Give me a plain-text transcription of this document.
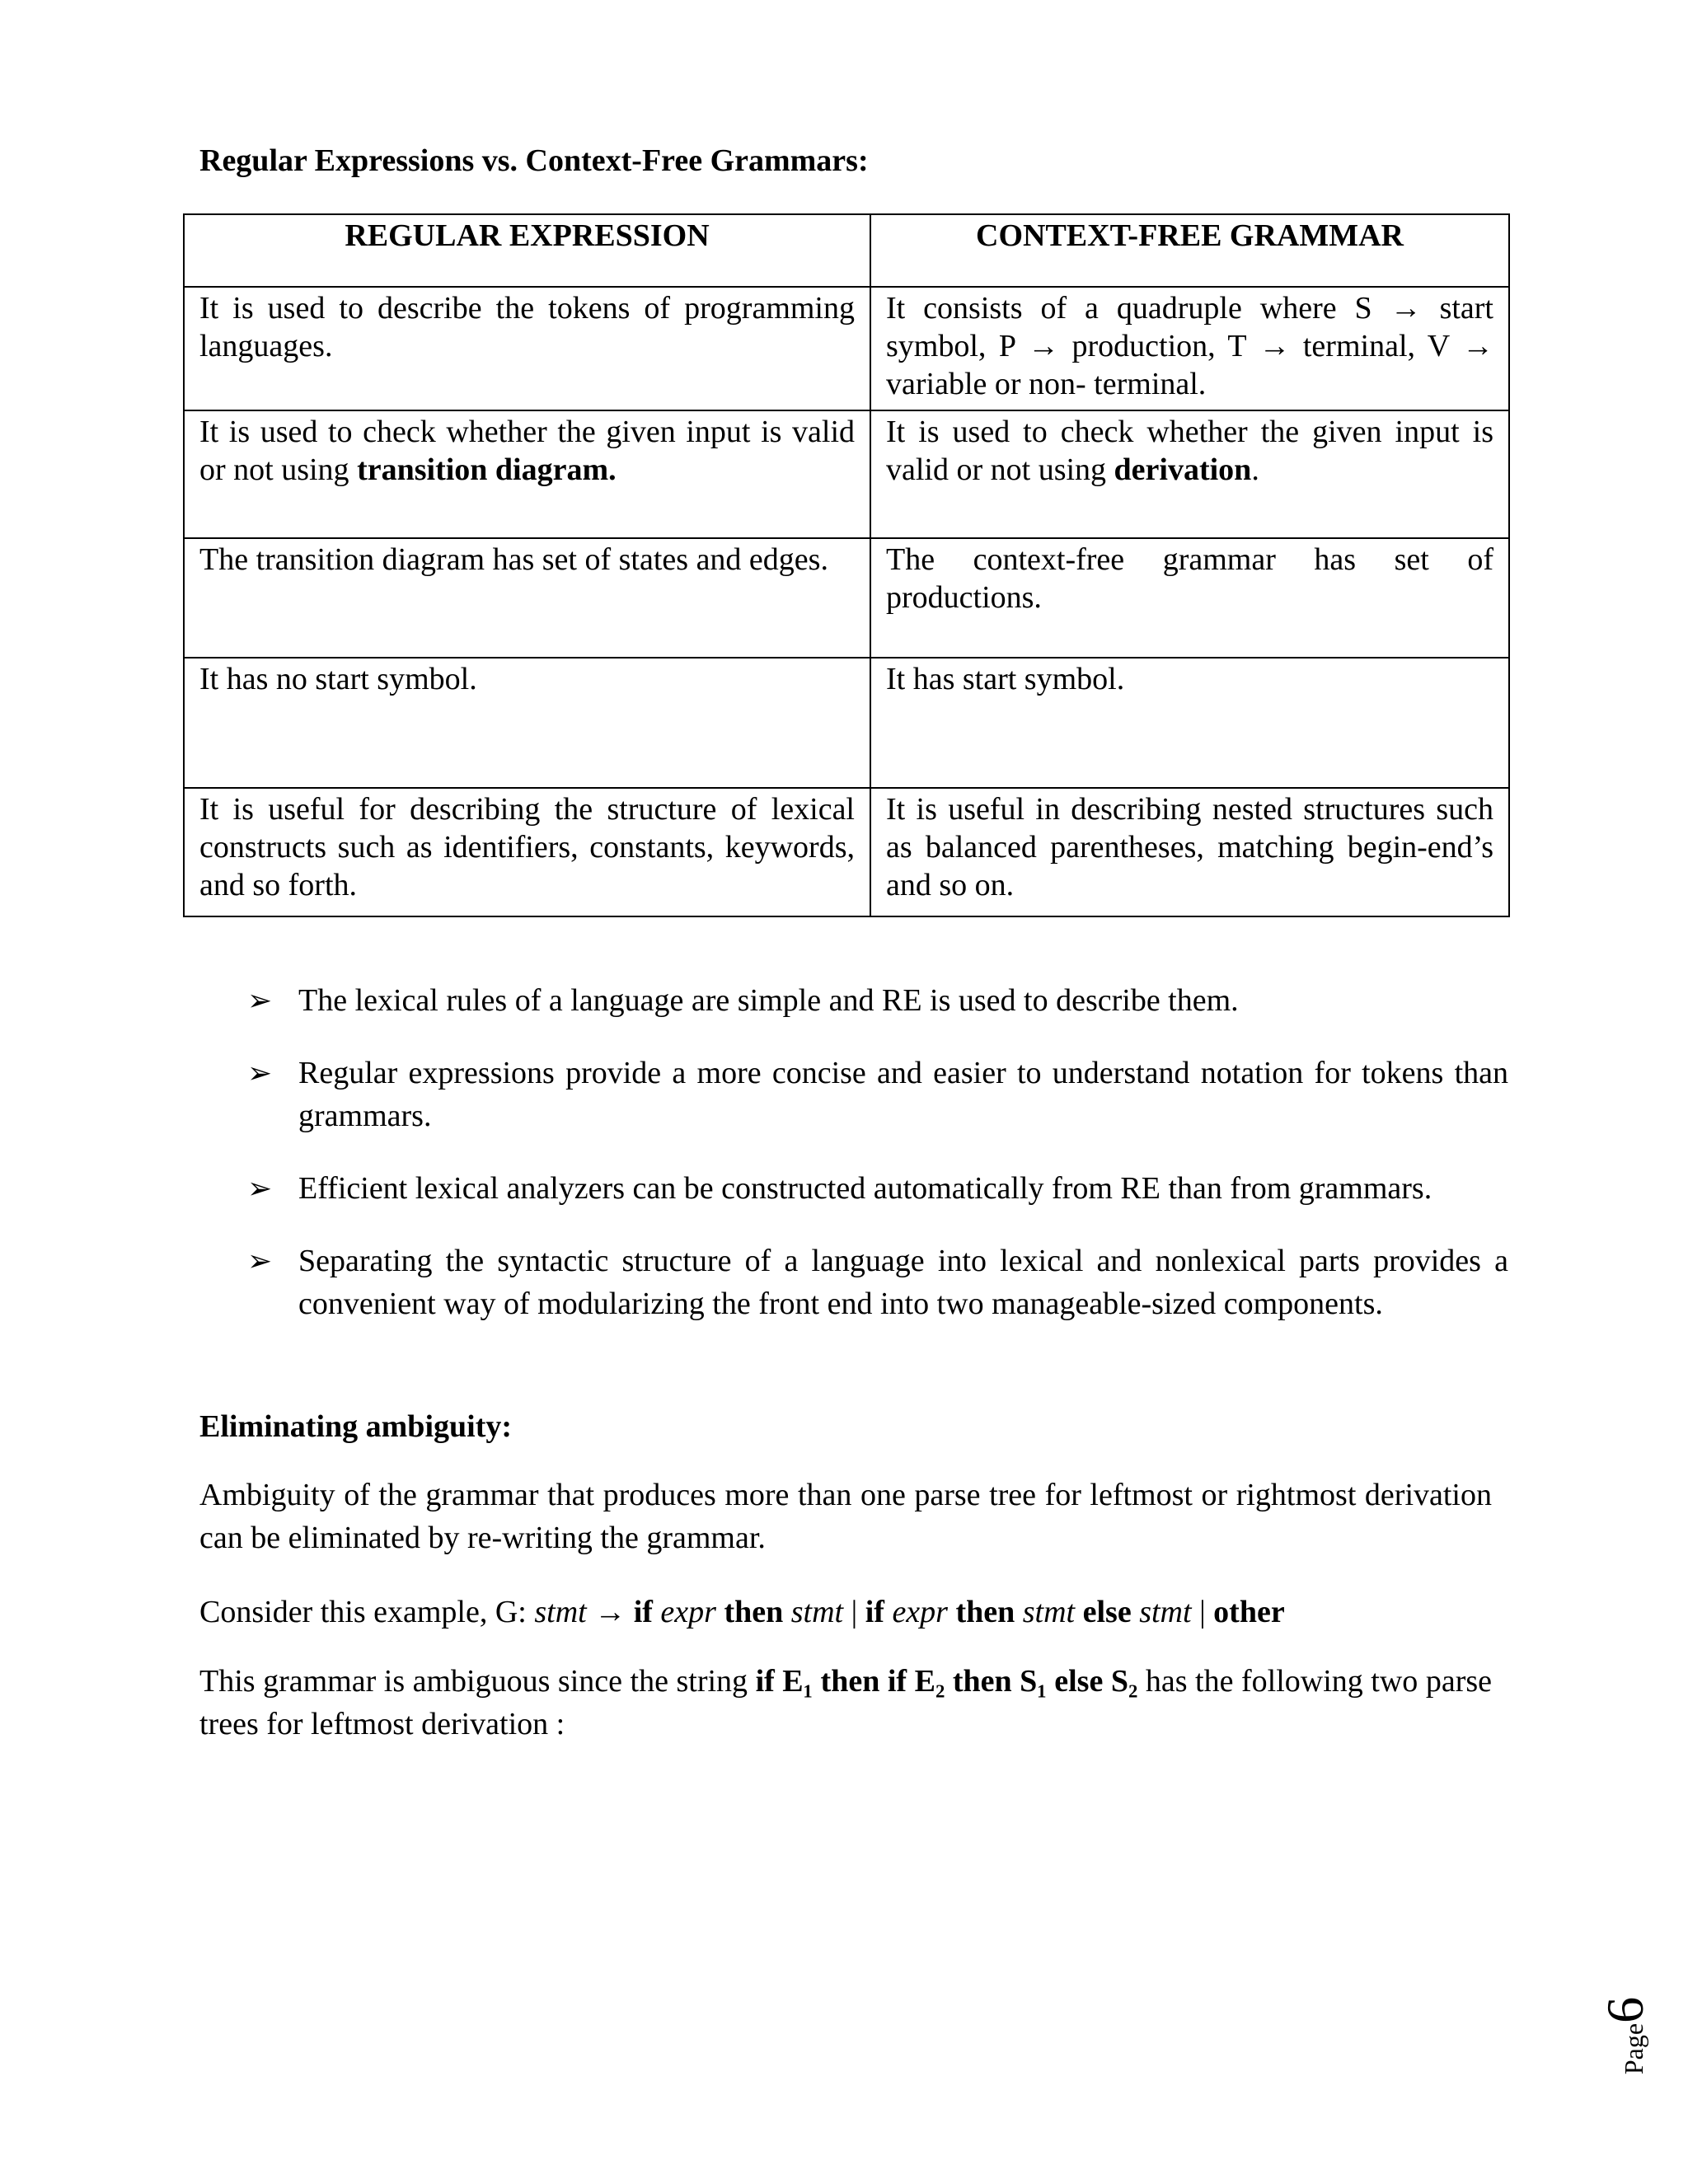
Regular Expressions vs. Context-Free Grammars:
REGULAR EXPRESSION	CONTEXT-FREE GRAMMAR
It is used to describe the tokens of programming languages.	It consists of a quadruple where S → start symbol, P → production, T → terminal, V → variable or non- terminal.
It is used to check whether the given input is valid or not using transition diagram.	It is used to check whether the given input is valid or not using derivation.
The transition diagram has set of states and edges.	The context-free grammar has set of productions.
It has no start symbol.	It has start symbol.
It is useful for describing the structure of lexical constructs such as identifiers, constants, keywords, and so forth.	It is useful in describing nested structures such as balanced parentheses, matching begin-end’s and so on.
➢ The lexical rules of a language are simple and RE is used to describe them.
➢ Regular expressions provide a more concise and easier to understand notation for tokens than grammars.
➢ Efficient lexical analyzers can be constructed automatically from RE than from grammars.
➢ Separating the syntactic structure of a language into lexical and nonlexical parts provides a convenient way of modularizing the front end into two manageable-sized components.
Eliminating ambiguity:

Ambiguity of the grammar that produces more than one parse tree for leftmost or rightmost derivation can be eliminated by re-writing the grammar.

Consider this example, G: stmt → if expr then stmt | if expr then stmt else stmt | other

This grammar is ambiguous since the string if E₁ then if E₂ then S₁ else S₂ has the following two parse trees for leftmost derivation :

Page
6
